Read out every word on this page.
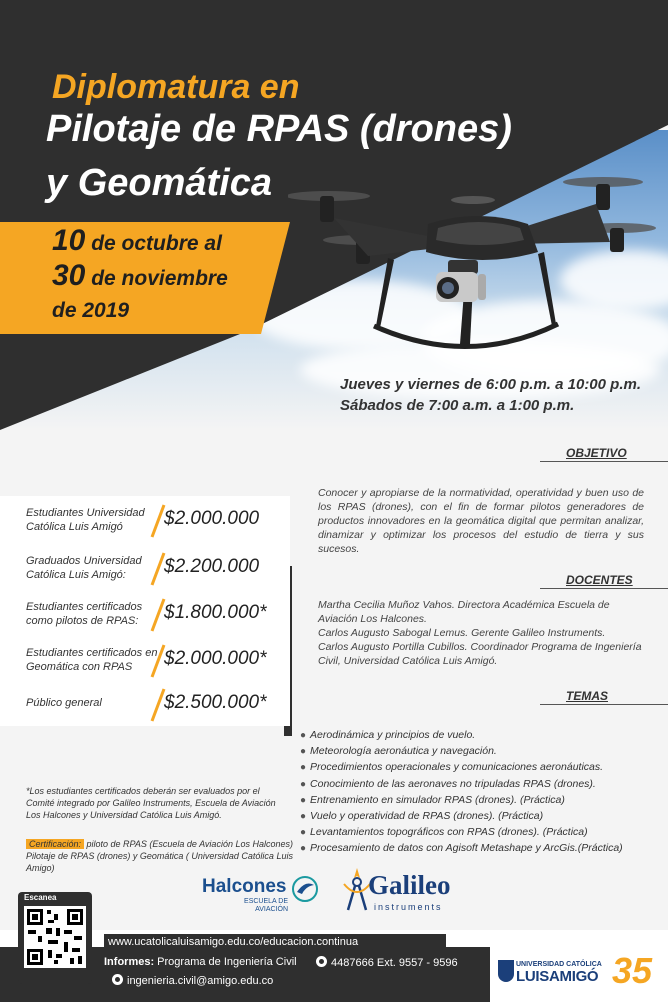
Diplomatura en
Pilotaje de RPAS (drones)
y Geomática
10 de octubre al
30 de noviembre
de 2019
Jueves y viernes de 6:00 p.m. a 10:00 p.m.
Sábados de 7:00 a.m. a 1:00 p.m.
OBJETIVO
Conocer y apropiarse de la normatividad, operatividad y buen uso de los RPAS (drones), con el fin de formar pilotos generadores de productos innovadores en la geomática digital que permitan analizar, dinamizar y optimizar los procesos del estudio de tierra y sus sucesos.
DOCENTES
Martha Cecilia Muñoz Vahos. Directora Académica Escuela de Aviación Los Halcones.
Carlos Augusto Sabogal Lemus. Gerente Galileo Instruments.
Carlos Augusto Portilla Cubillos. Coordinador Programa de Ingeniería Civil, Universidad Católica Luis Amigó.
TEMAS
● Aerodinámica y principios de vuelo.
● Meteorología aeronáutica y navegación.
● Procedimientos operacionales y comunicaciones aeronáuticas.
● Conocimiento de las aeronaves no tripuladas RPAS (drones).
● Entrenamiento en simulador RPAS (drones). (Práctica)
● Vuelo y operatividad de RPAS (drones). (Práctica)
● Levantamientos topográficos con RPAS (drones). (Práctica)
● Procesamiento de datos con Agisoft Metashape y ArcGis.(Práctica)
Estudiantes Universidad Católica Luis Amigó	$2.000.000
Graduados Universidad Católica Luis Amigó:	$2.200.000
Estudiantes certificados como pilotos de RPAS:	$1.800.000*
Estudiantes certificados en Geomática con RPAS	$2.000.000*
Público general	$2.500.000*
*Los estudiantes certificados deberán ser evaluados por el Comité integrado por Galileo Instruments, Escuela de Aviación Los Halcones y Universidad Católica Luis Amigó.
Certificación: piloto de RPAS (Escuela de Aviación Los Halcones) Pilotaje de RPAS (drones) y Geomática ( Universidad Católica Luis Amigo)
Halcones
ESCUELA DE AVIACIÓN
Galileo
instruments
www.ucatolicaluisamigo.edu.co/educacion.continua
Escanea
Informes: Programa de Ingeniería Civil	4487666 Ext. 9557 - 9596
ingenieria.civil@amigo.edu.co
UNIVERSIDAD CATÓLICA
LUISAMIGÓ 35
